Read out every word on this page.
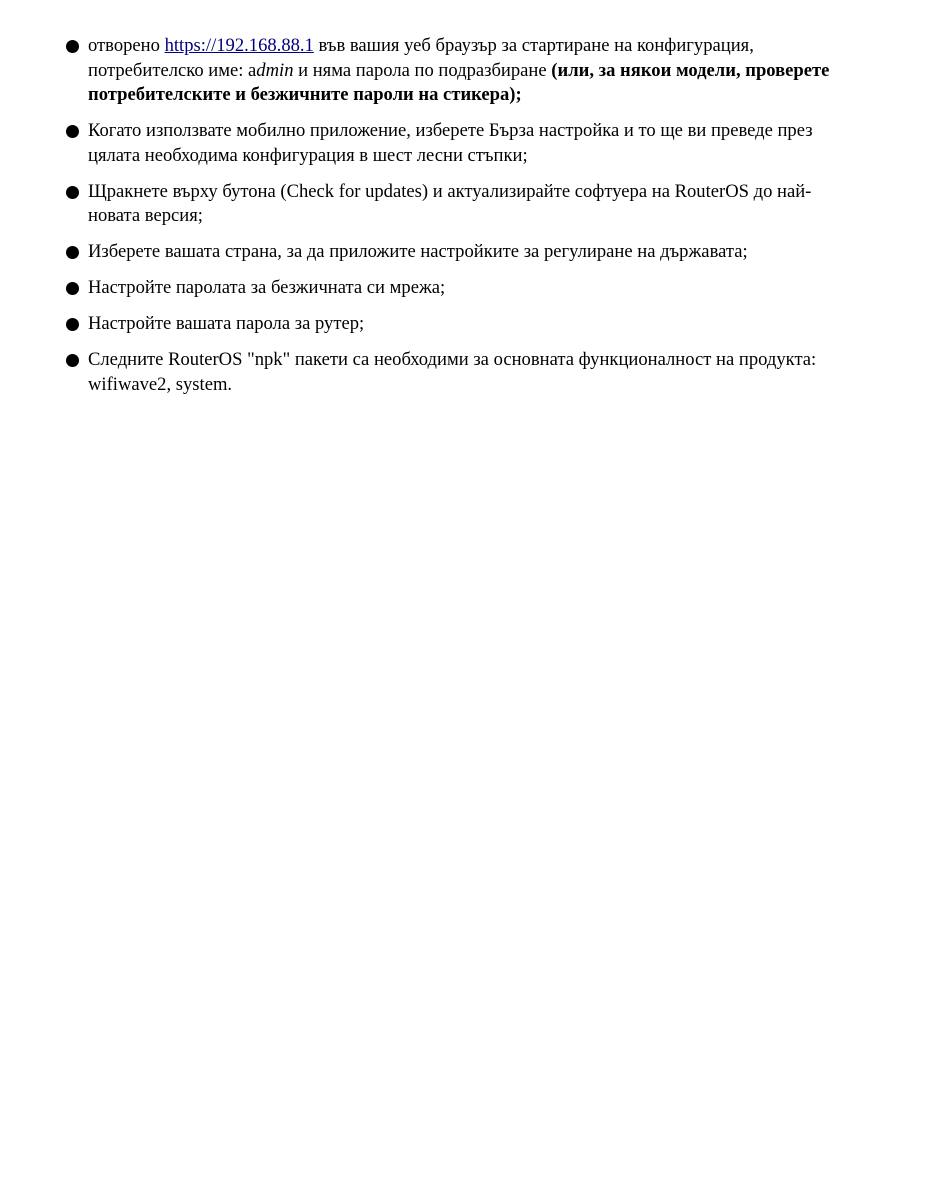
отворено https://192.168.88.1 във вашия уеб браузър за стартиране на конфигурация, потребителско име: admin и няма парола по подразбиране (или, за някои модели, проверете потребителските и безжичните пароли на стикера);
Когато използвате мобилно приложение, изберете Бърза настройка и то ще ви преведе през цялата необходима конфигурация в шест лесни стъпки;
Щракнете върху бутона (Check for updates) и актуализирайте софтуера на RouterOS до най-новата версия;
Изберете вашата страна, за да приложите настройките за регулиране на държавата;
Настройте паролата за безжичната си мрежа;
Настройте вашата парола за рутер;
Следните RouterOS "npk" пакети са необходими за основната функционалност на продукта: wifiwave2, system.
